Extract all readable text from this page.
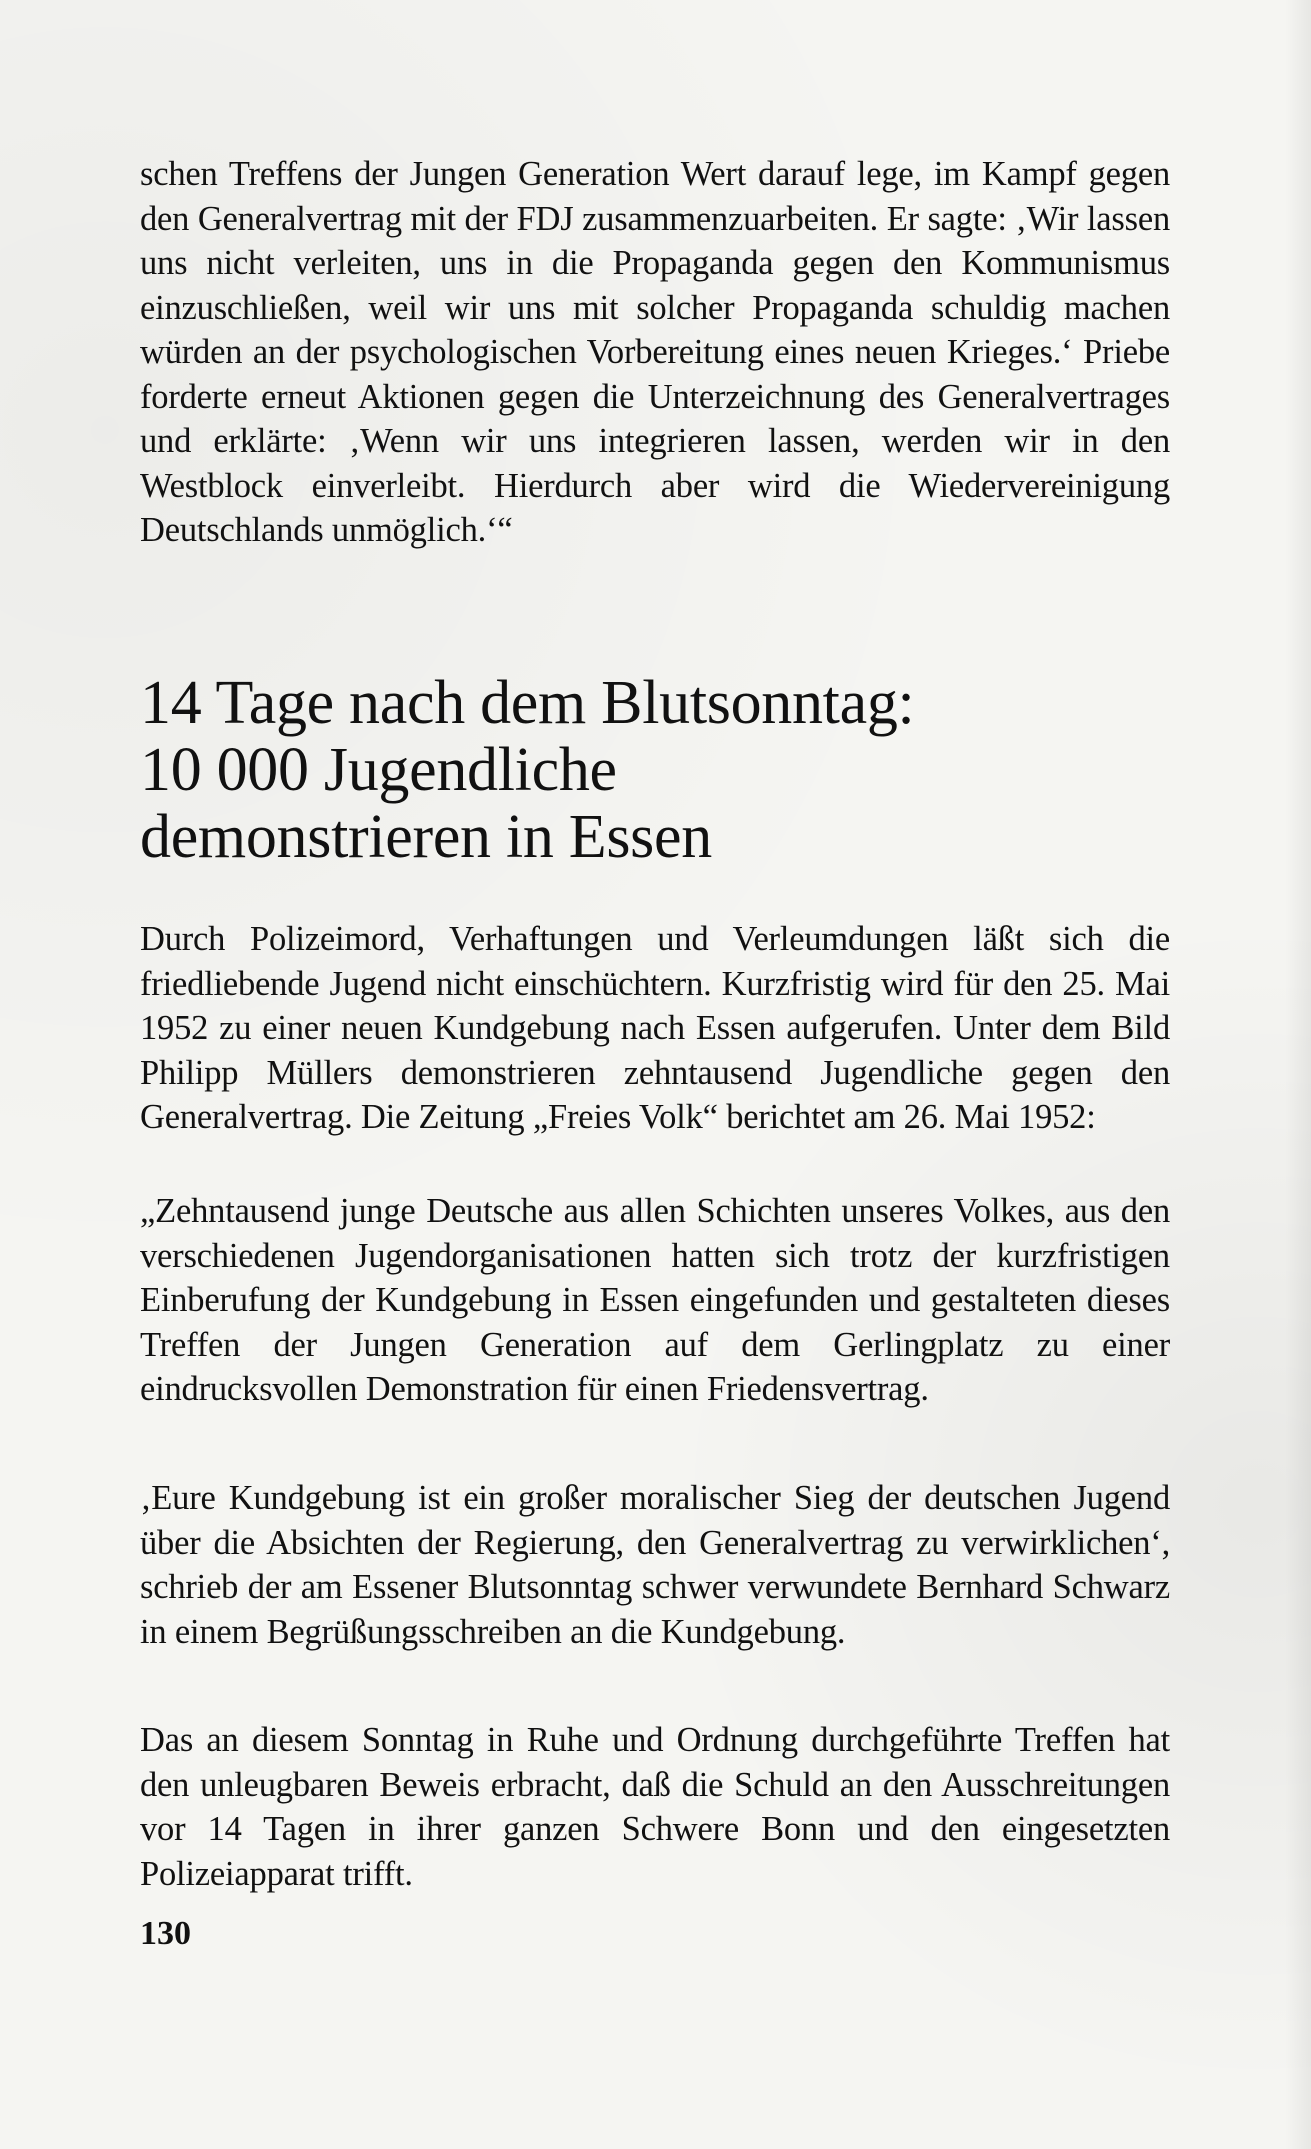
schen Treffens der Jungen Generation Wert darauf lege, im Kampf gegen den Generalvertrag mit der FDJ zusammenzuarbeiten. Er sagte: ‚Wir lassen uns nicht verleiten, uns in die Propaganda gegen den Kommunismus einzuschließen, weil wir uns mit solcher Propaganda schuldig machen würden an der psychologischen Vorbereitung eines neuen Krieges.‘ Priebe forderte erneut Aktionen gegen die Unterzeichnung des Generalvertrages und erklärte: ‚Wenn wir uns integrieren lassen, werden wir in den Westblock einverleibt. Hierdurch aber wird die Wiedervereinigung Deutschlands unmöglich.‘“

14 Tage nach dem Blutsonntag:
10 000 Jugendliche
demonstrieren in Essen

Durch Polizeimord, Verhaftungen und Verleumdungen läßt sich die friedliebende Jugend nicht einschüchtern. Kurzfristig wird für den 25. Mai 1952 zu einer neuen Kundgebung nach Essen aufgerufen. Unter dem Bild Philipp Müllers demonstrieren zehntausend Jugendliche gegen den Generalvertrag. Die Zeitung „Freies Volk“ berichtet am 26. Mai 1952:

„Zehntausend junge Deutsche aus allen Schichten unseres Volkes, aus den verschiedenen Jugendorganisationen hatten sich trotz der kurzfristigen Einberufung der Kundgebung in Essen eingefunden und gestalteten dieses Treffen der Jungen Generation auf dem Gerlingplatz zu einer eindrucksvollen Demonstration für einen Friedensvertrag.

‚Eure Kundgebung ist ein großer moralischer Sieg der deutschen Jugend über die Absichten der Regierung, den Generalvertrag zu verwirklichen‘, schrieb der am Essener Blutsonntag schwer verwundete Bernhard Schwarz in einem Begrüßungsschreiben an die Kundgebung.

Das an diesem Sonntag in Ruhe und Ordnung durchgeführte Treffen hat den unleugbaren Beweis erbracht, daß die Schuld an den Ausschreitungen vor 14 Tagen in ihrer ganzen Schwere Bonn und den eingesetzten Polizeiapparat trifft.

130
